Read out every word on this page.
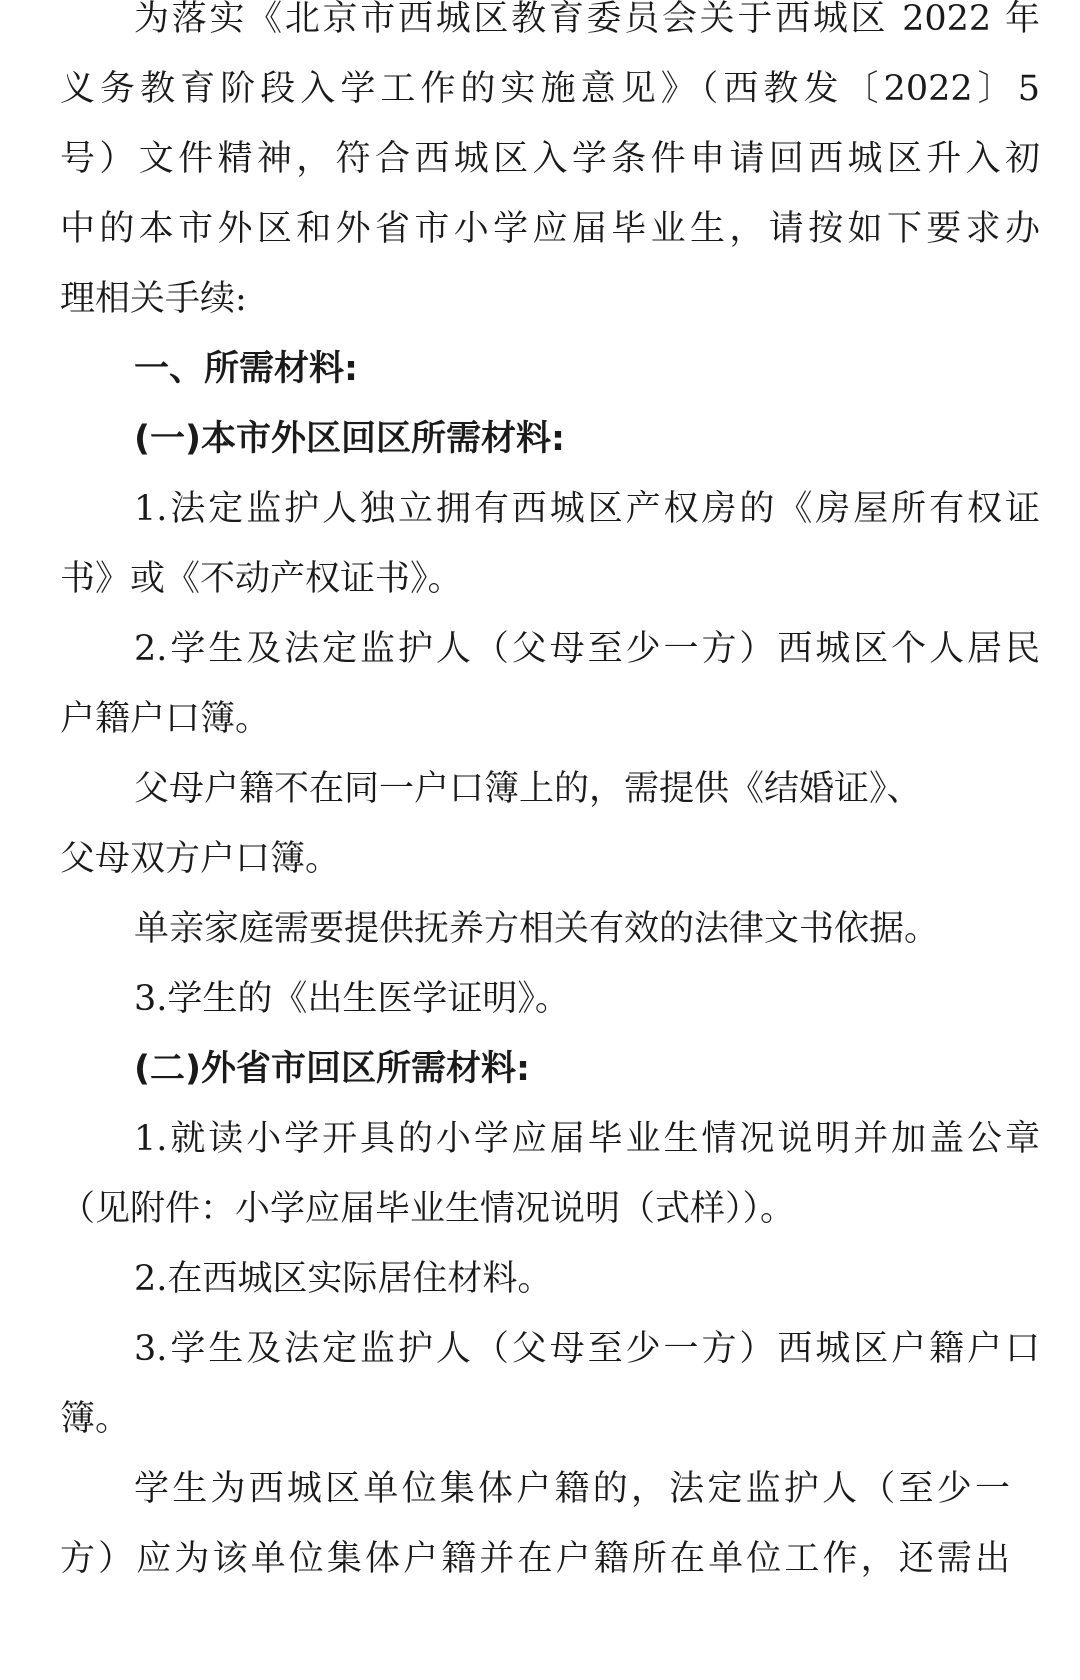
为落实《北京市西城区教育委员会关于西城区 2022 年
义务教育阶段入学工作的实施意见》（西教发〔2022〕5
号）文件精神，符合西城区入学条件申请回西城区升入初
中的本市外区和外省市小学应届毕业生，请按如下要求办
理相关手续:
一、所需材料:
(一)本市外区回区所需材料:
1.法定监护人独立拥有西城区产权房的《房屋所有权证
书》或《不动产权证书》。
2.学生及法定监护人（父母至少一方）西城区个人居民
户籍户口簿。
父母户籍不在同一户口簿上的，需提供《结婚证》、
父母双方户口簿。
单亲家庭需要提供抚养方相关有效的法律文书依据。
3.学生的《出生医学证明》。
(二)外省市回区所需材料:
1.就读小学开具的小学应届毕业生情况说明并加盖公章
（见附件：小学应届毕业生情况说明（式样））。
2.在西城区实际居住材料。
3.学生及法定监护人（父母至少一方）西城区户籍户口
簿。
学生为西城区单位集体户籍的，法定监护人（至少一
方）应为该单位集体户籍并在户籍所在单位工作，还需出
